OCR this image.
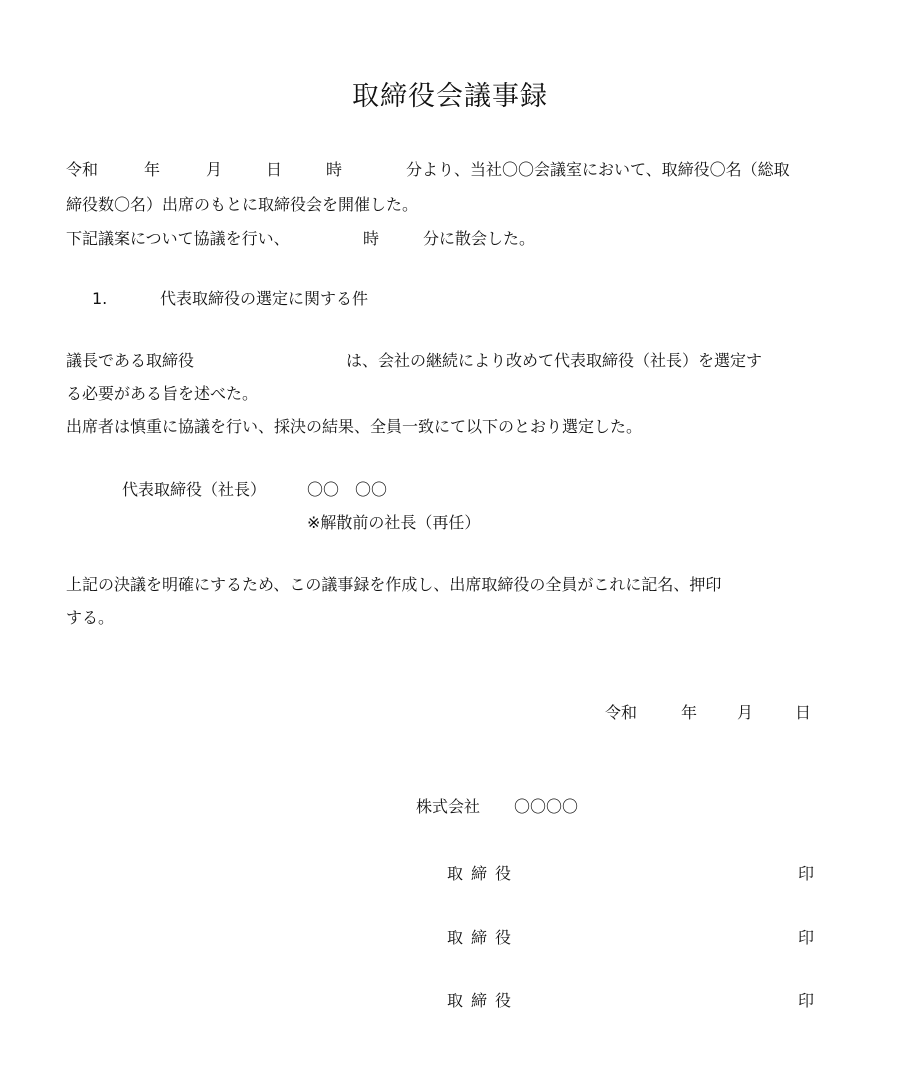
取締役会議事録
令和	年	月	日	時	分より、当社〇〇会議室において、取締役〇名（総取
締役数〇名）出席のもとに取締役会を開催した。
下記議案について協議を行い、	時	分に散会した。
1.	代表取締役の選定に関する件
議長である取締役	は、会社の継続により改めて代表取締役（社長）を選定す
る必要がある旨を述べた。
出席者は慎重に協議を行い、採決の結果、全員一致にて以下のとおり選定した。
代表取締役（社長）	〇〇　〇〇
※解散前の社長（再任）
上記の決議を明確にするため、この議事録を作成し、出席取締役の全員がこれに記名、押印
する。
令和	年 月	日
株式会社 〇〇〇〇
取締役	印
取締役	印
取締役	印
